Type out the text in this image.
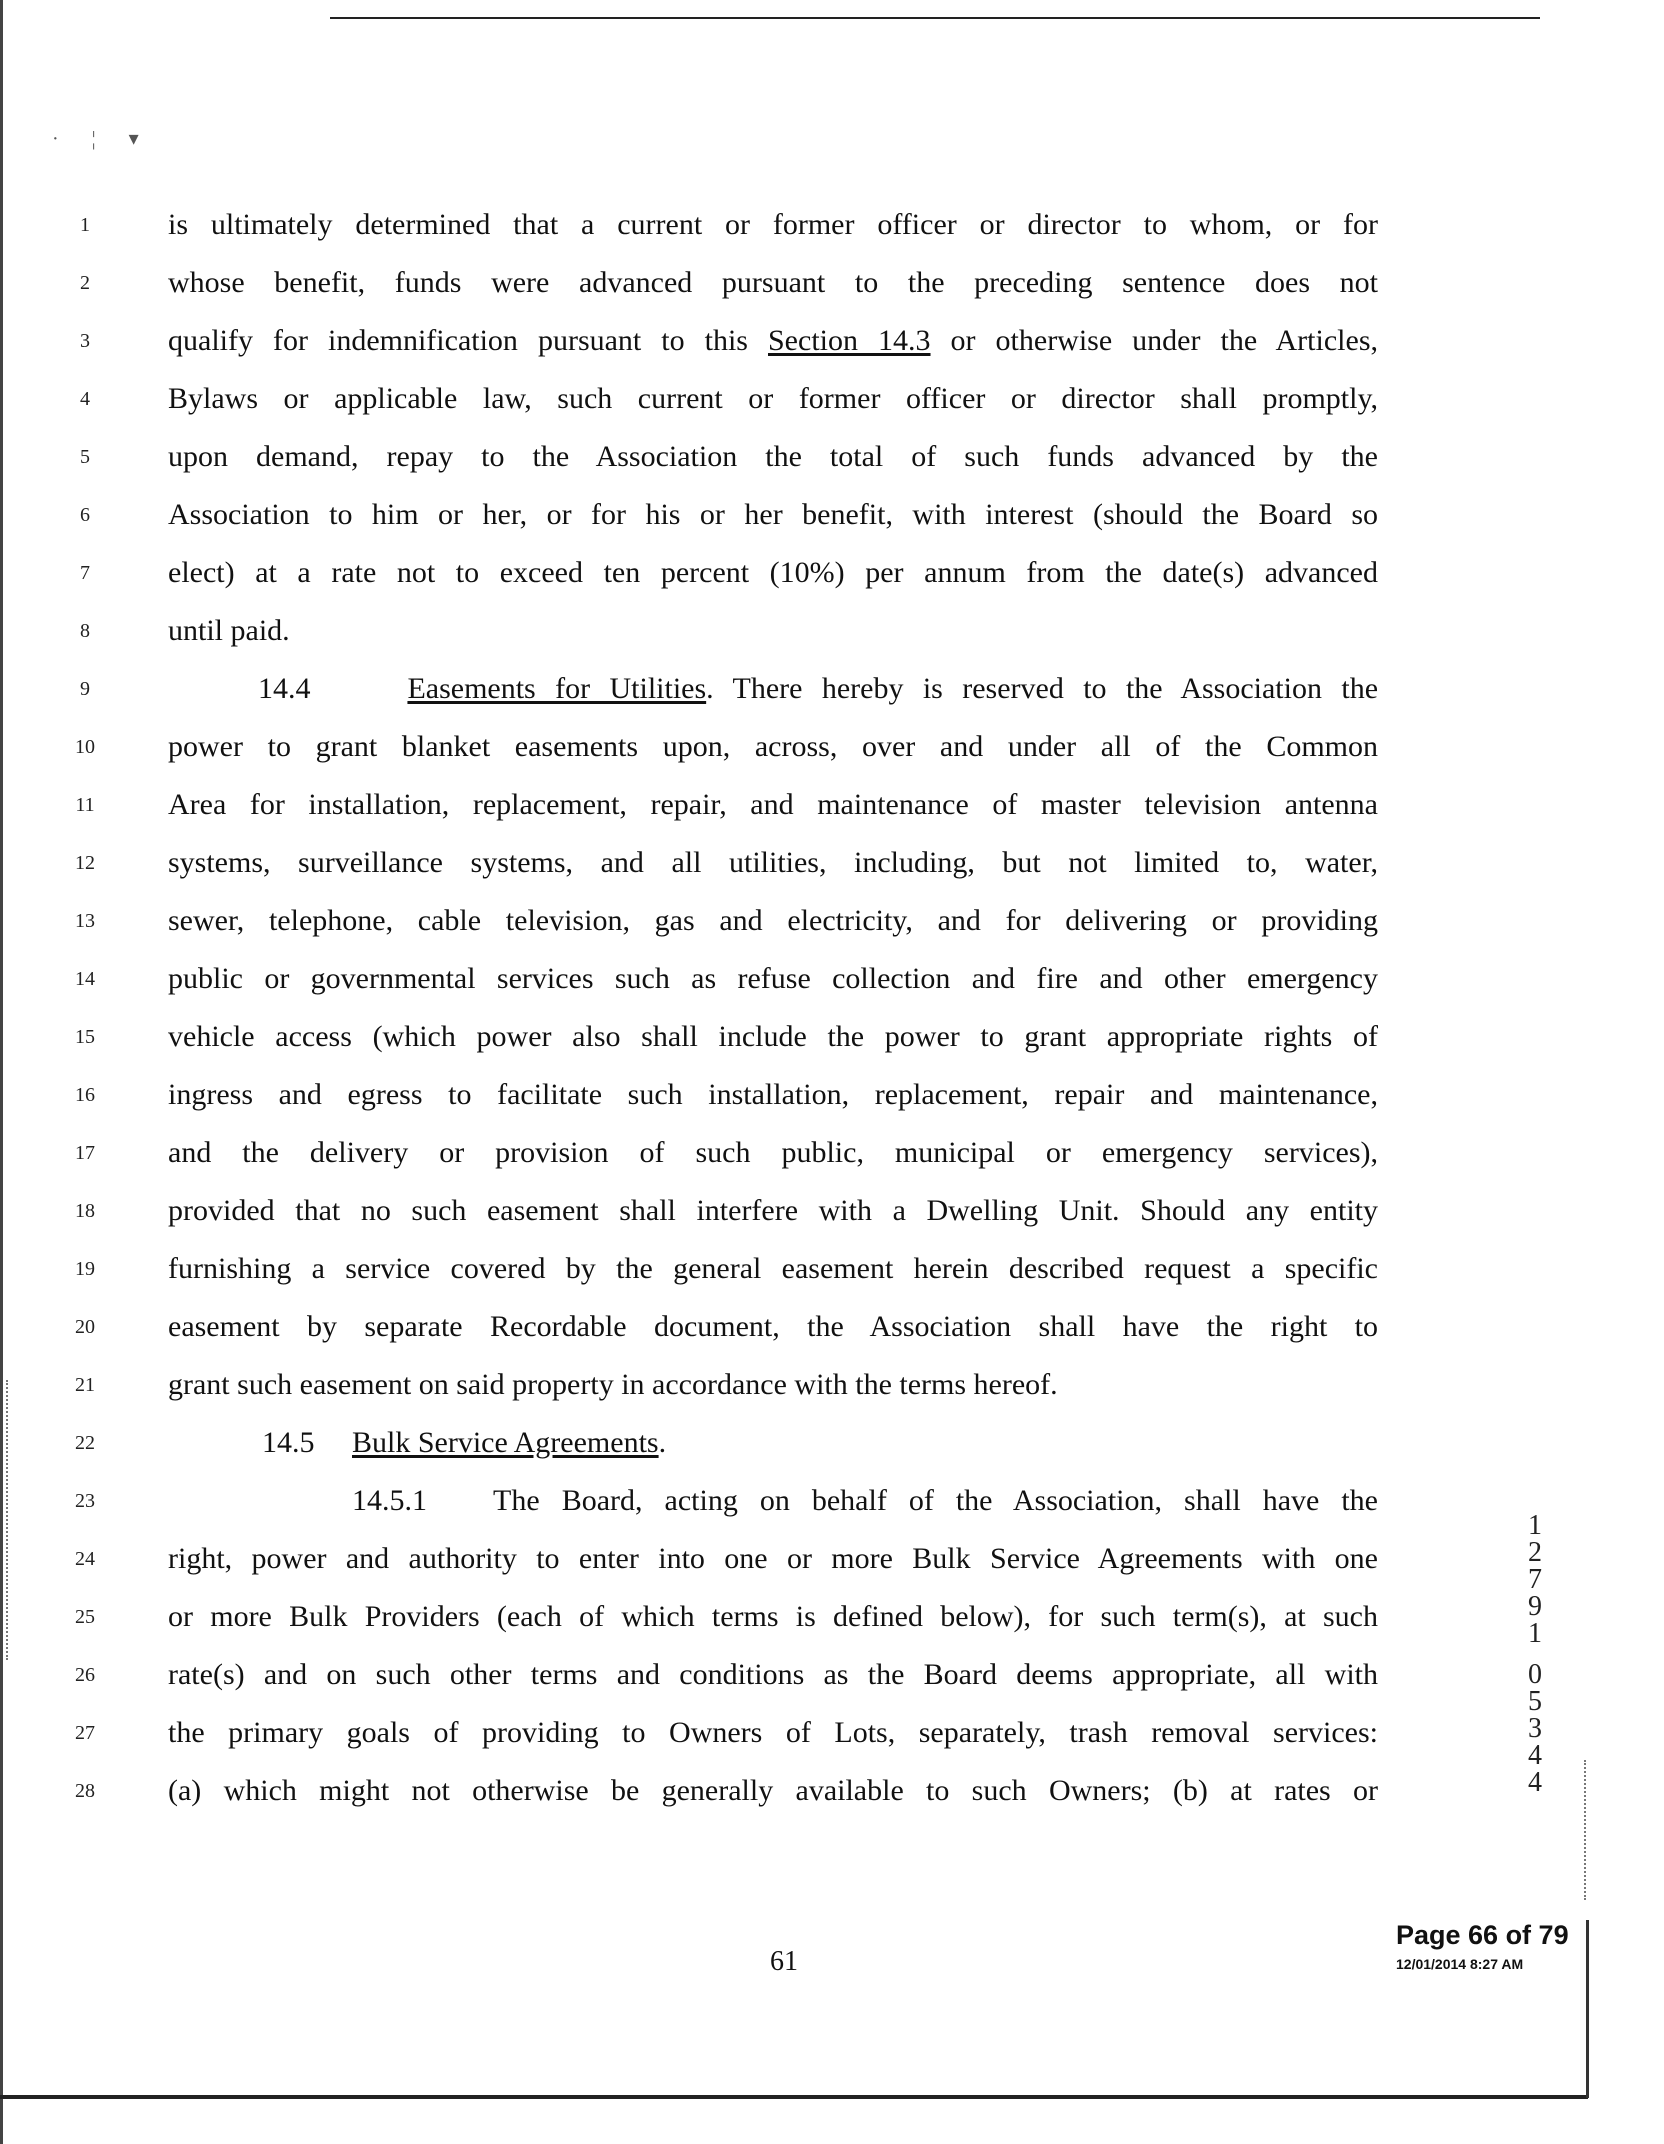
· ¦ ▾
1	is ultimately determined that a current or former officer or director to whom, or for
2	whose benefit, funds were advanced pursuant to the preceding sentence does not
3	qualify for indemnification pursuant to this Section 14.3 or otherwise under the Articles,
4	Bylaws or applicable law, such current or former officer or director shall promptly,
5	upon demand, repay to the Association the total of such funds advanced by the
6	Association to him or her, or for his or her benefit, with interest (should the Board so
7	elect) at a rate not to exceed ten percent (10%) per annum from the date(s) advanced
8	until paid.
9	14.4	Easements for Utilities. There hereby is reserved to the Association the
10	power to grant blanket easements upon, across, over and under all of the Common
11	Area for installation, replacement, repair, and maintenance of master television antenna
12	systems, surveillance systems, and all utilities, including, but not limited to, water,
13	sewer, telephone, cable television, gas and electricity, and for delivering or providing
14	public or governmental services such as refuse collection and fire and other emergency
15	vehicle access (which power also shall include the power to grant appropriate rights of
16	ingress and egress to facilitate such installation, replacement, repair and maintenance,
17	and the delivery or provision of such public, municipal or emergency services),
18	provided that no such easement shall interfere with a Dwelling Unit. Should any entity
19	furnishing a service covered by the general easement herein described request a specific
20	easement by separate Recordable document, the Association shall have the right to
21	grant such easement on said property in accordance with the terms hereof.
22	14.5 Bulk Service Agreements.
23	14.5.1 The Board, acting on behalf of the Association, shall have the
24	right, power and authority to enter into one or more Bulk Service Agreements with one
25	or more Bulk Providers (each of which terms is defined below), for such term(s), at such
26	rate(s) and on such other terms and conditions as the Board deems appropriate, all with
27	the primary goals of providing to Owners of Lots, separately, trash removal services:
28	(a) which might not otherwise be generally available to such Owners; (b) at rates or
1
2
7
9
1
0
5
3
4
4
61
Page 66 of 79
12/01/2014 8:27 AM
